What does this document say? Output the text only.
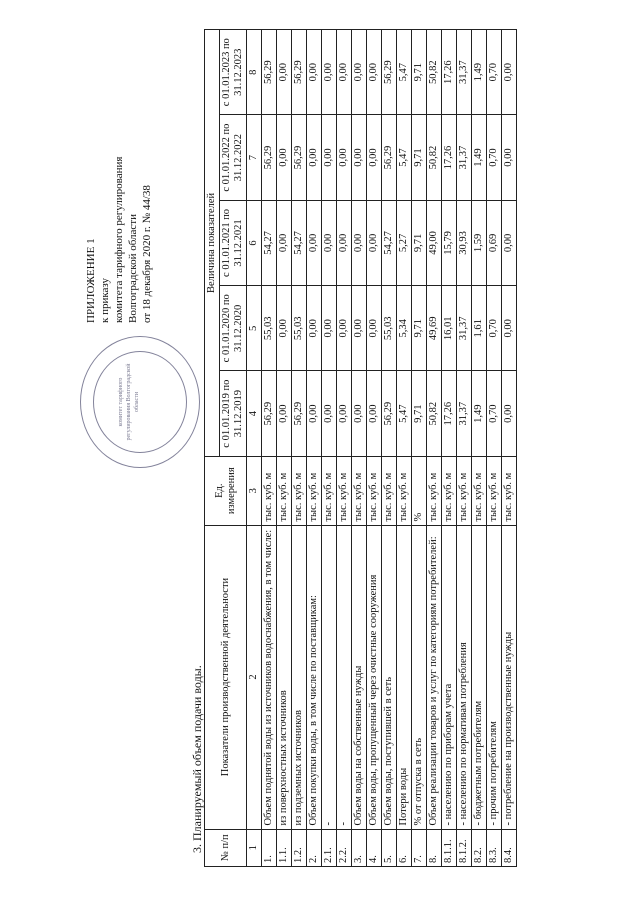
ПРИЛОЖЕНИЕ 1 к приказу комитета тарифного регулирования Волгоградской области от 18 декабря 2020 г. № 44/38
комитет тарифного регулирования Волгоградской области
3. Планируемый объем подачи воды. № п/п	Показатели производственной деятельности	Ед. измерения	Величина показателей				
			с 01.01.2019 по 31.12.2019	с 01.01.2020 по 31.12.2020	с 01.01.2021 по 31.12.2021	с 01.01.2022 по 31.12.2022	с 01.01.2023 по 31.12.2023
1	2	3	4	5	6	7	8
1.	Объем поднятой воды из источников водоснабжения, в том числе:	тыс. куб. м	56,29	55,03	54,27	56,29	56,29
1.1.	из поверхностных источников	тыс. куб. м	0,00	0,00	0,00	0,00	0,00
1.2.	из подземных источников	тыс. куб. м	56,29	55,03	54,27	56,29	56,29
2.	Объем покупки воды, в том числе по поставщикам:	тыс. куб. м	0,00	0,00	0,00	0,00	0,00
2.1.	-	тыс. куб. м	0,00	0,00	0,00	0,00	0,00
2.2.	-	тыс. куб. м	0,00	0,00	0,00	0,00	0,00
3.	Объем воды на собственные нужды	тыс. куб. м	0,00	0,00	0,00	0,00	0,00
4.	Объем воды, пропущенный через очистные сооружения	тыс. куб. м	0,00	0,00	0,00	0,00	0,00
5.	Объем воды, поступившей в сеть	тыс. куб. м	56,29	55,03	54,27	56,29	56,29
6.	Потери воды	тыс. куб. м	5,47	5,34	5,27	5,47	5,47
7.	% от отпуска в сеть	%	9,71	9,71	9,71	9,71	9,71
8.	Объем реализации товаров и услуг по категориям потребителей:	тыс. куб. м	50,82	49,69	49,00	50,82	50,82
8.1.1.	- населению по приборам учета	тыс. куб. м	17,26	16,01	15,79	17,26	17,26
8.1.2.	- населению по нормативам потребления	тыс. куб. м	31,37	31,37	30,93	31,37	31,37
8.2.	- бюджетным потребителям	тыс. куб. м	1,49	1,61	1,59	1,49	1,49
8.3.	- прочим потребителям	тыс. куб. м	0,70	0,70	0,69	0,70	0,70
8.4.	- потребление на производственные нужды	тыс. куб. м	0,00	0,00	0,00	0,00	0,00
